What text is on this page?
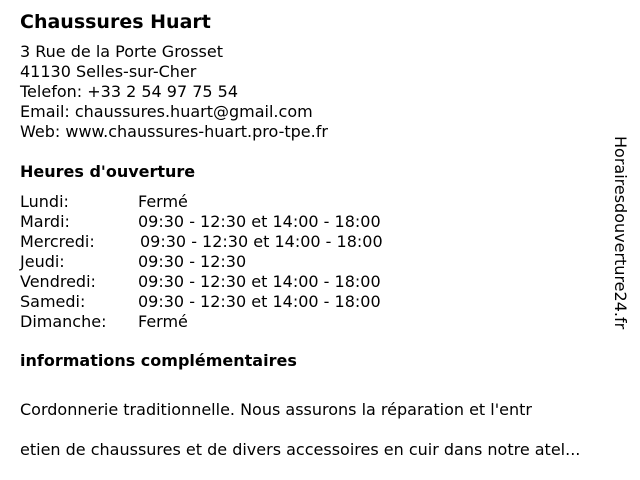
Chaussures Huart
3 Rue de la Porte Grosset
41130 Selles-sur-Cher
Telefon: +33 2 54 97 75 54
Email: chaussures.huart@gmail.com
Web: www.chaussures-huart.pro-tpe.fr
Heures d'ouverture
Lundi:	Fermé
Mardi:	09:30 - 12:30 et 14:00 - 18:00
Mercredi:	09:30 - 12:30 et 14:00 - 18:00
Jeudi:	09:30 - 12:30
Vendredi:	09:30 - 12:30 et 14:00 - 18:00
Samedi:	09:30 - 12:30 et 14:00 - 18:00
Dimanche: Fermé
informations complémentaires

Cordonnerie traditionnelle. Nous assurons la réparation et l'entr

etien de chaussures et de divers accessoires en cuir dans notre atel...

Horairesdouverture24.fr
